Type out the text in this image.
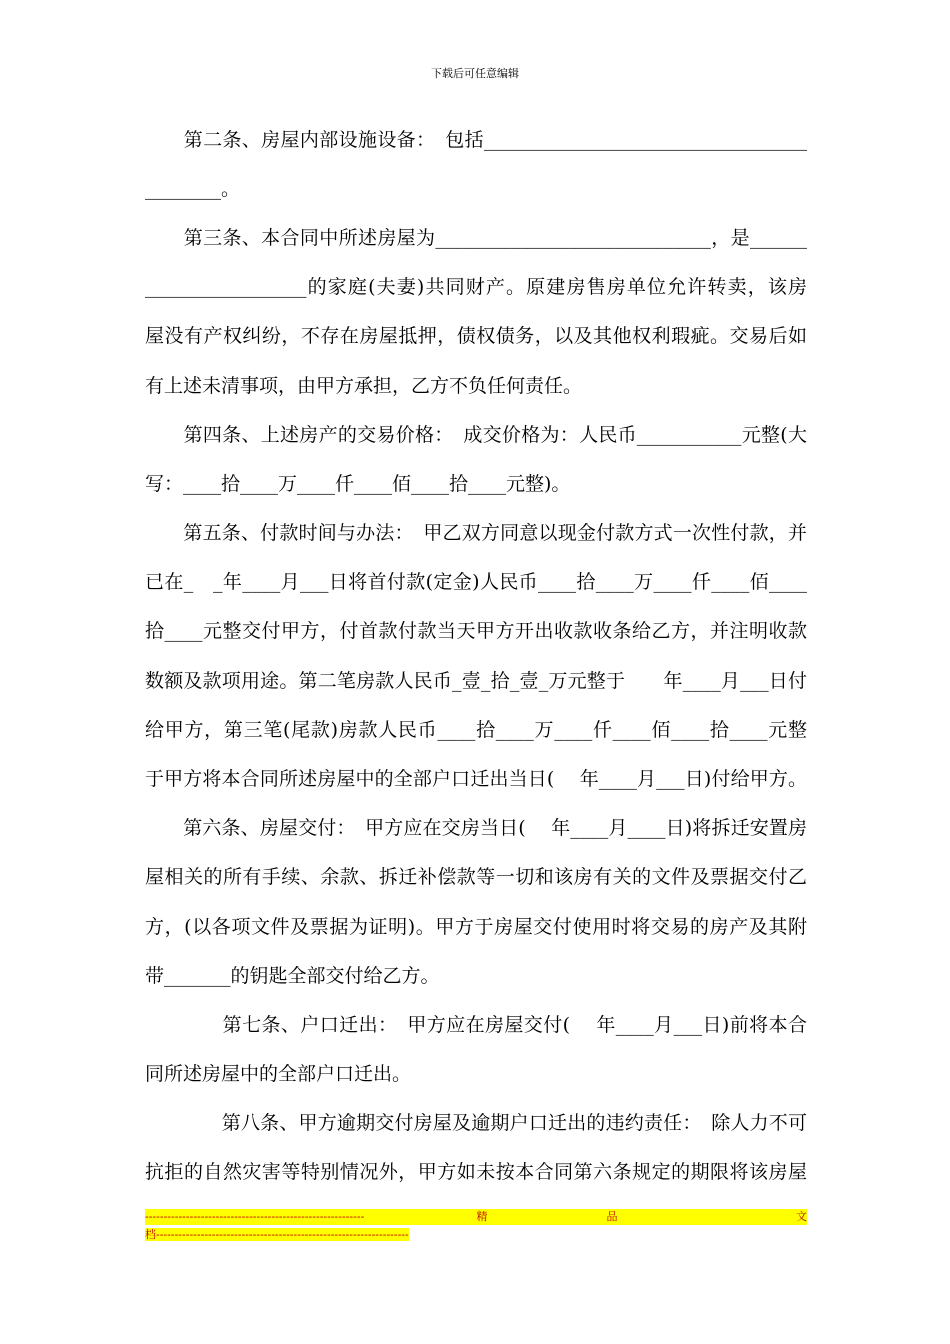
下载后可任意编辑
　　第二条、房屋内部设施设备：　包括__________________________________
________。
　　第三条、本合同中所述房屋为_____________________________，是______
_________________的家庭(夫妻)共同财产。原建房售房单位允许转卖，该房
屋没有产权纠纷，不存在房屋抵押，债权债务，以及其他权利瑕疵。交易后如
有上述未清事项，由甲方承担，乙方不负任何责任。
　　第四条、上述房产的交易价格：　成交价格为：人民币___________元整(大
写：____拾____万____仟____佰____拾____元整)。
　　第五条、付款时间与办法：　甲乙双方同意以现金付款方式一次性付款，并
已在_　_年____月___日将首付款(定金)人民币____拾____万____仟____佰____
拾____元整交付甲方，付首款付款当天甲方开出收款收条给乙方，并注明收款
数额及款项用途。第二笔房款人民币_壹_拾_壹_万元整于　　年____月___日付
给甲方，第三笔(尾款)房款人民币____拾____万____仟____佰____拾____元整
于甲方将本合同所述房屋中的全部户口迁出当日(　 年____月___日)付给甲方。
　　第六条、房屋交付：　甲方应在交房当日(　 年____月____日)将拆迁安置房
屋相关的所有手续、余款、拆迁补偿款等一切和该房有关的文件及票据交付乙
方，(以各项文件及票据为证明)。甲方于房屋交付使用时将交易的房产及其附
带_______的钥匙全部交付给乙方。
　　　　第七条、户口迁出：　甲方应在房屋交付(　 年____月___日)前将本合
同所述房屋中的全部户口迁出。
　　　　第八条、甲方逾期交付房屋及逾期户口迁出的违约责任：　除人力不可
抗拒的自然灾害等特别情况外，甲方如未按本合同第六条规定的期限将该房屋
-----------------------------------------------------------	精	品	文
档--------------------------------------------------------------------
